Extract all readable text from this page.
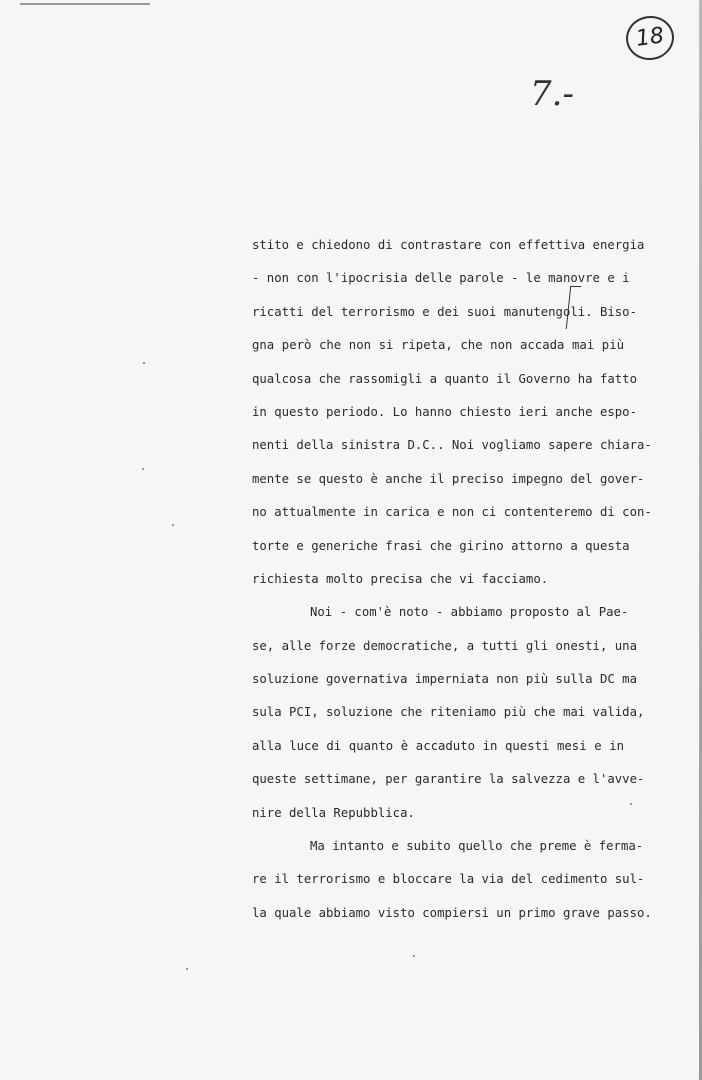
18
7.-
stito e chiedono di contrastare con effettiva energia
- non con l'ipocrisia delle parole - le manovre e i
ricatti del terrorismo e dei suoi manutengoli. Biso-
gna però che non si ripeta, che non accada mai più
qualcosa che rassomigli a quanto il Governo ha fatto
in questo periodo. Lo hanno chiesto ieri anche espo-
nenti della sinistra D.C.. Noi vogliamo sapere chiara-
mente se questo è anche il preciso impegno del gover-
no attualmente in carica e non ci contenteremo di con-
torte e generiche frasi che girino attorno a questa
richiesta molto precisa che vi facciamo.
Noi - com'è noto - abbiamo proposto al Pae-
se, alle forze democratiche, a tutti gli onesti, una
soluzione governativa imperniata non più sulla DC ma
sula PCI, soluzione che riteniamo più che mai valida,
alla luce di quanto è accaduto in questi mesi e in
queste settimane, per garantire la salvezza e l'avve-
nire della Repubblica.
Ma intanto e subito quello che preme è ferma-
re il terrorismo e bloccare la via del cedimento sul-
la quale abbiamo visto compiersi un primo grave passo.
